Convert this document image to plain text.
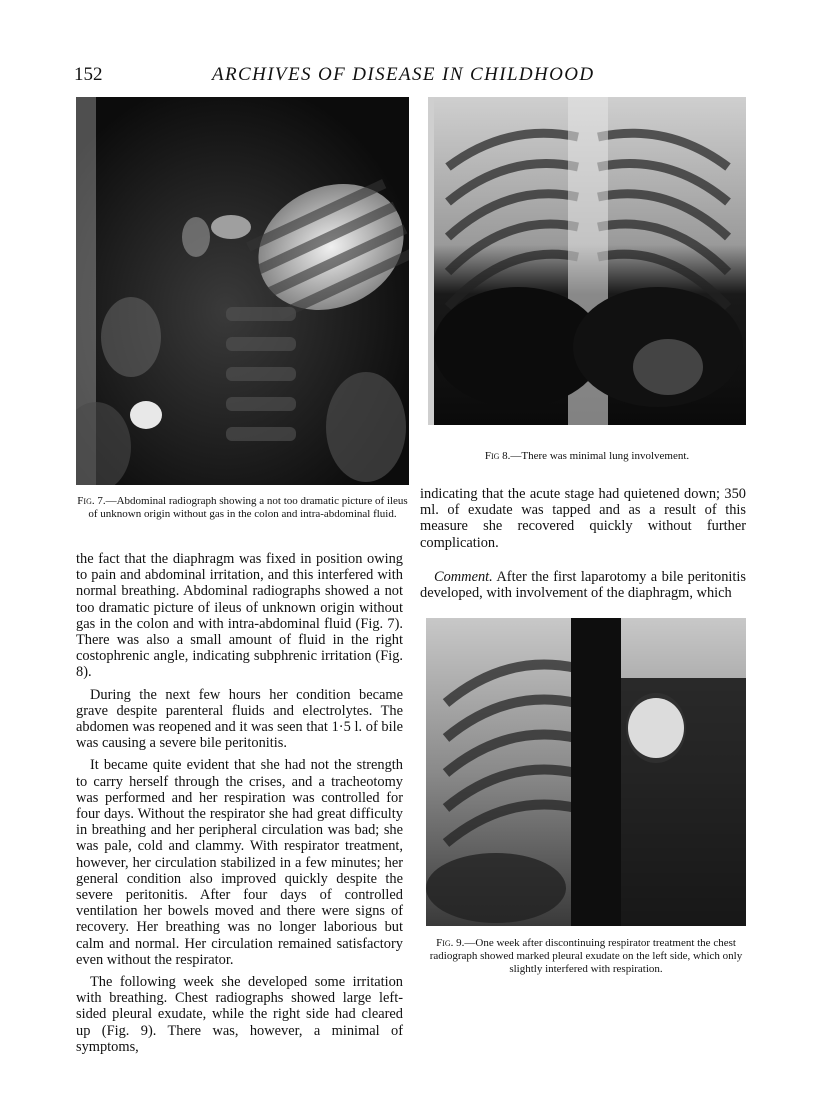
152	ARCHIVES OF DISEASE IN CHILDHOOD
Fig. 7.—Abdominal radiograph showing a not too dramatic picture of ileus of unknown origin without gas in the colon and intra-abdominal fluid.
Fig 8.—There was minimal lung involvement.
Fig. 9.—One week after discontinuing respirator treatment the chest radiograph showed marked pleural exudate on the left side, which only slightly interfered with respiration.

the fact that the diaphragm was fixed in position owing to pain and abdominal irritation, and this interfered with normal breathing. Abdominal radiographs showed a not too dramatic picture of ileus of unknown origin without gas in the colon and with intra-abdominal fluid (Fig. 7). There was also a small amount of fluid in the right costophrenic angle, indicating subphrenic irritation (Fig. 8).

During the next few hours her condition became grave despite parenteral fluids and electrolytes. The abdomen was reopened and it was seen that 1·5 l. of bile was causing a severe bile peritonitis.

It became quite evident that she had not the strength to carry herself through the crises, and a tracheotomy was performed and her respiration was controlled for four days. Without the respirator she had great difficulty in breathing and her peripheral circulation was bad; she was pale, cold and clammy. With respirator treatment, however, her circulation stabilized in a few minutes; her general condition also improved quickly despite the severe peritonitis. After four days of controlled ventilation her bowels moved and there were signs of recovery. Her breathing was no longer laborious but calm and normal. Her circulation remained satisfactory even without the respirator.

The following week she developed some irritation with breathing. Chest radiographs showed large left-sided pleural exudate, while the right side had cleared up (Fig. 9). There was, however, a minimal of symptoms,

indicating that the acute stage had quietened down; 350 ml. of exudate was tapped and as a result of this measure she recovered quickly without further complication.

Comment. After the first laparotomy a bile peritonitis developed, with involvement of the diaphragm, which
